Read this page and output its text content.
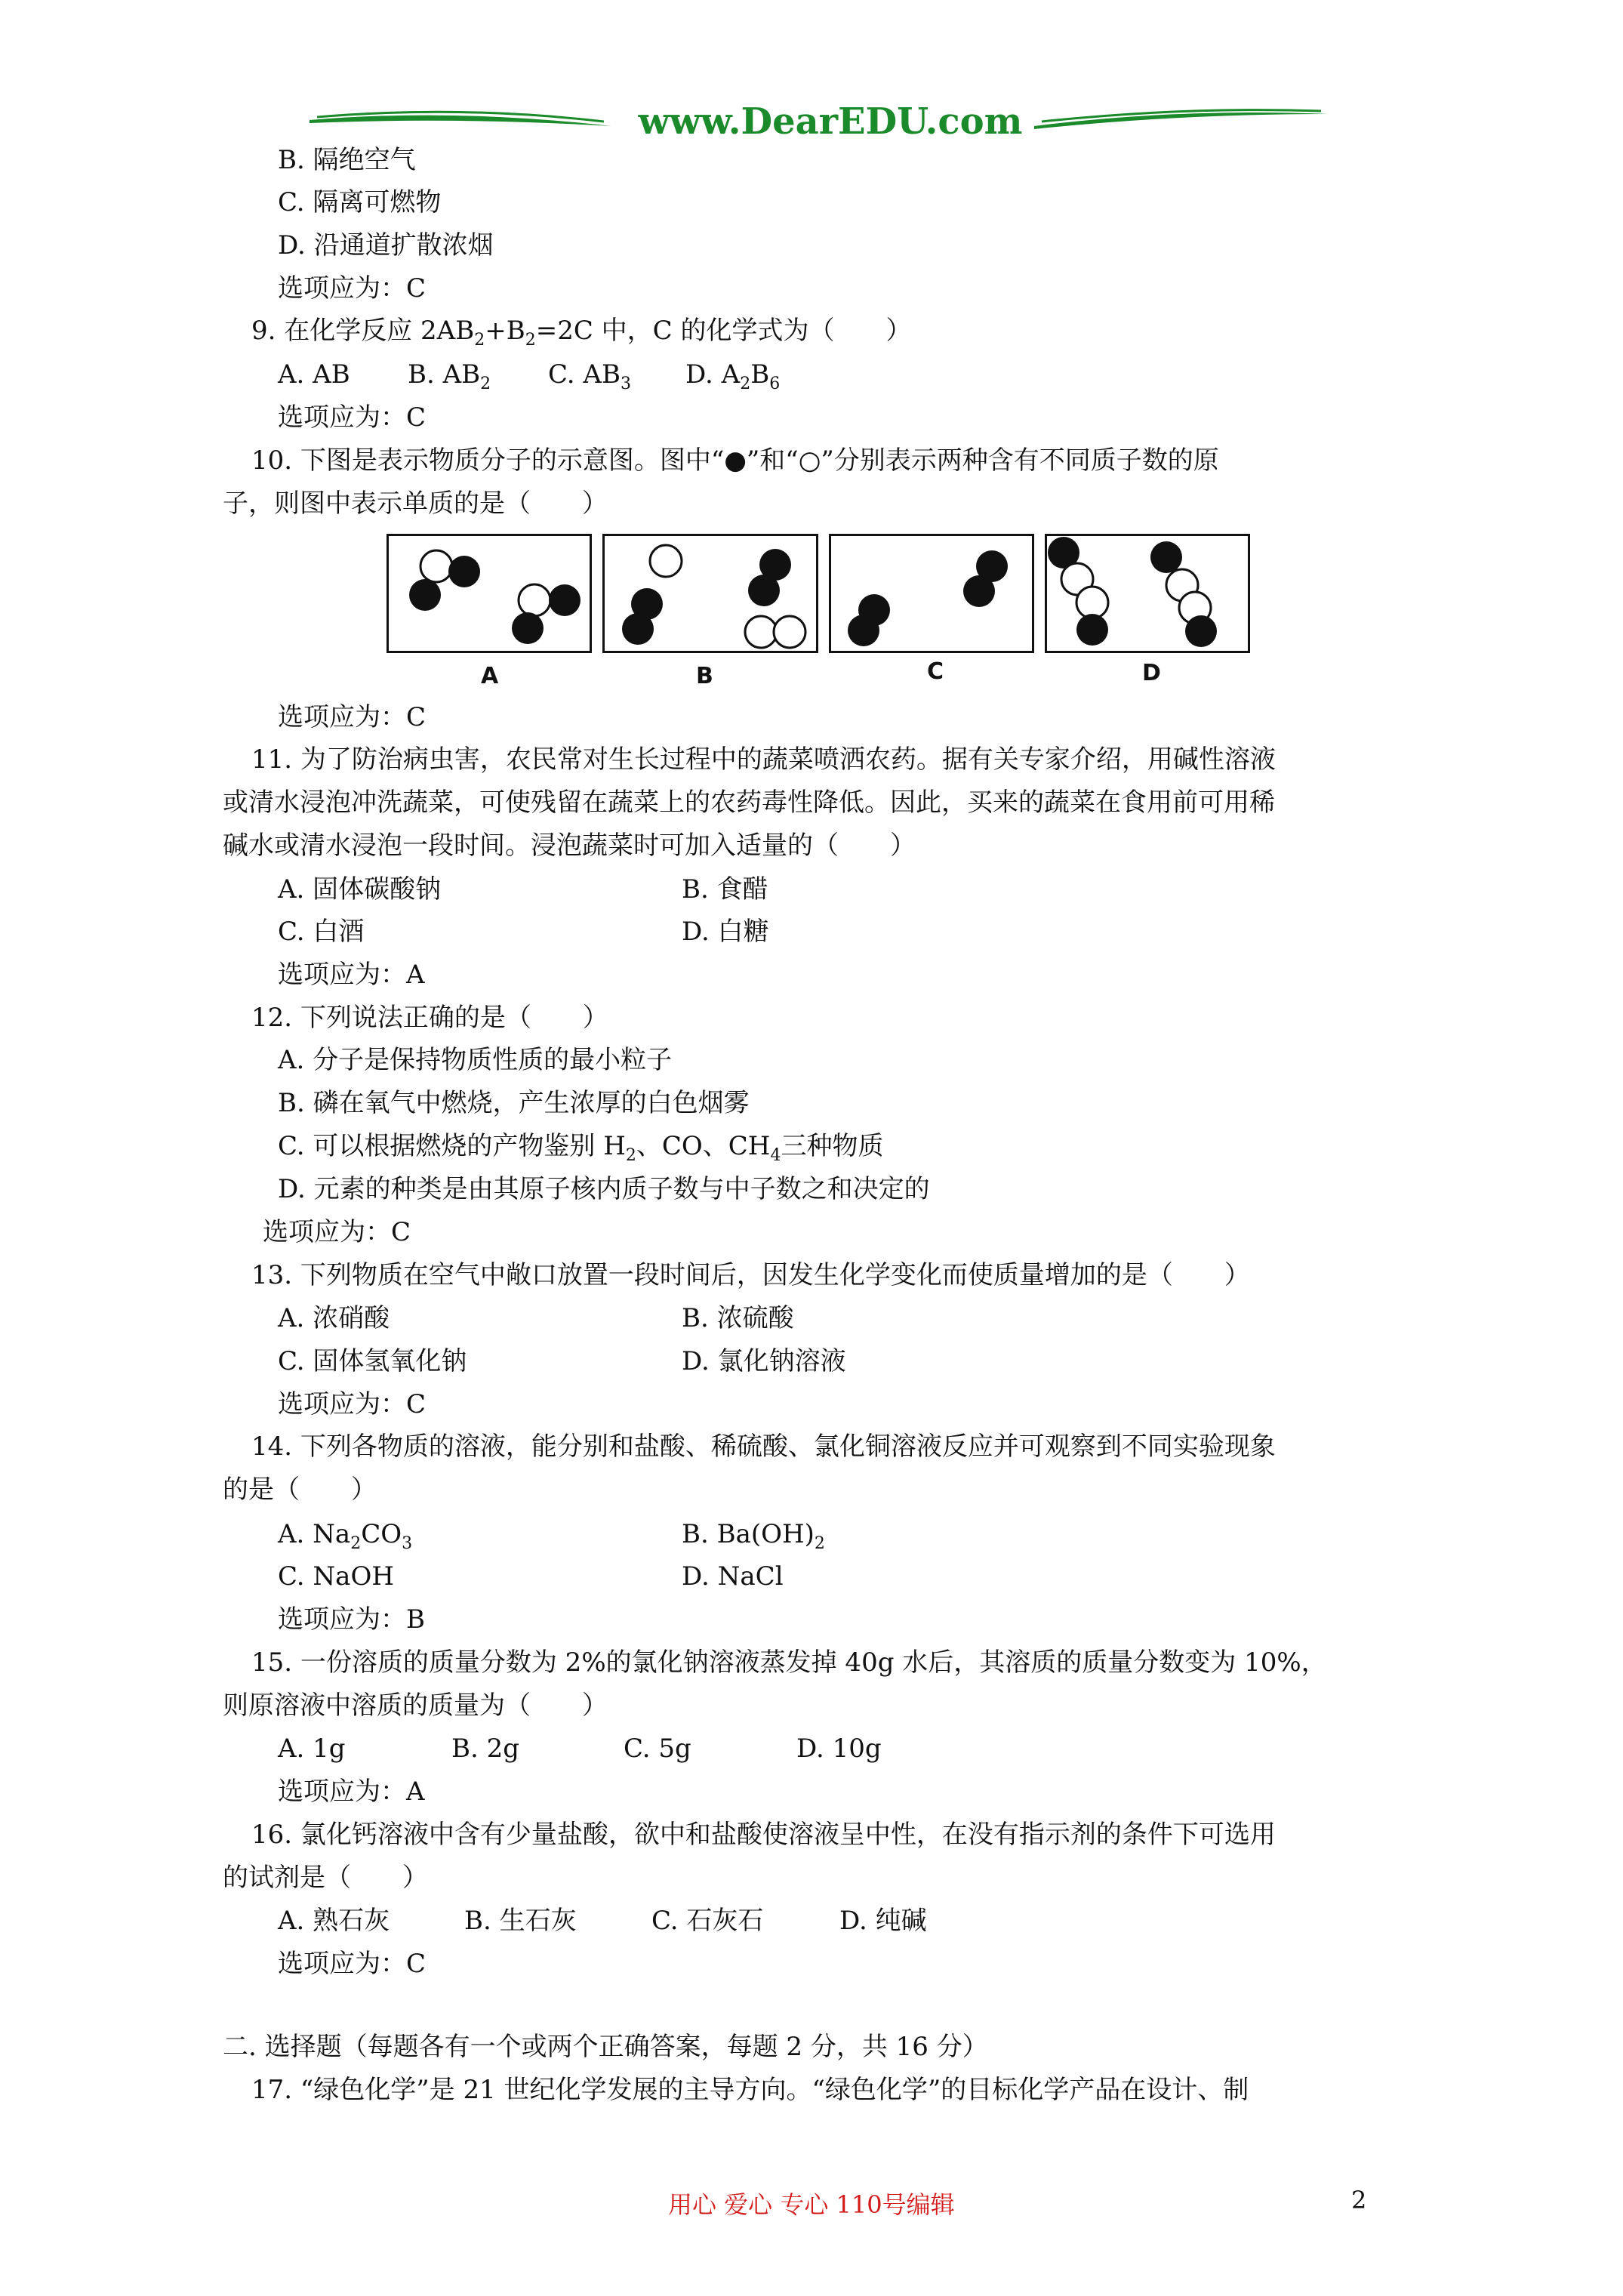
www.DearEDU.com
B. 隔绝空气
C. 隔离可燃物
D. 沿通道扩散浓烟
选项应为：C
9. 在化学反应 $2AB_2+B_2=2C$ 中，C 的化学式为（　　）
A. AB B. $AB_2$ C. $AB_3$ D. $A_2B_6$
选项应为：C
10. 下图是表示物质分子的示意图。图中“●”和“○”分别表示两种含有不同质子数的原
子，则图中表示单质的是（　　）
A	B	C	D
选项应为：C
11. 为了防治病虫害，农民常对生长过程中的蔬菜喷洒农药。据有关专家介绍，用碱性溶液
或清水浸泡冲洗蔬菜，可使残留在蔬菜上的农药毒性降低。因此，买来的蔬菜在食用前可用稀
碱水或清水浸泡一段时间。浸泡蔬菜时可加入适量的（　　）
A. 固体碳酸钠	B. 食醋
C. 白酒	D. 白糖
选项应为：A
12. 下列说法正确的是（　　）
A. 分子是保持物质性质的最小粒子
B. 磷在氧气中燃烧，产生浓厚的白色烟雾
C. 可以根据燃烧的产物鉴别 $H_2$、CO、$CH_4$三种物质
D. 元素的种类是由其原子核内质子数与中子数之和决定的
选项应为：C
13. 下列物质在空气中敞口放置一段时间后，因发生化学变化而使质量增加的是（　　）
A. 浓硝酸	B. 浓硫酸
C. 固体氢氧化钠	D. 氯化钠溶液
选项应为：C
14. 下列各物质的溶液，能分别和盐酸、稀硫酸、氯化铜溶液反应并可观察到不同实验现象
的是（　　）
A. $Na_2CO_3$	B. $Ba(OH)_2$
C. NaOH	D. NaCl
选项应为：B
15. 一份溶质的质量分数为 2%的氯化钠溶液蒸发掉 40g 水后，其溶质的质量分数变为 10%，
则原溶液中溶质的质量为（　　）
A. 1g	B. 2g	C. 5g	D. 10g
选项应为：A
16. 氯化钙溶液中含有少量盐酸，欲中和盐酸使溶液呈中性，在没有指示剂的条件下可选用
的试剂是（　　）
A. 熟石灰	B. 生石灰	C. 石灰石	D. 纯碱
选项应为：C
二. 选择题（每题各有一个或两个正确答案，每题 2 分，共 16 分）
17. “绿色化学”是 21 世纪化学发展的主导方向。“绿色化学”的目标化学产品在设计、制
用心 爱心 专心 110号编辑	2
